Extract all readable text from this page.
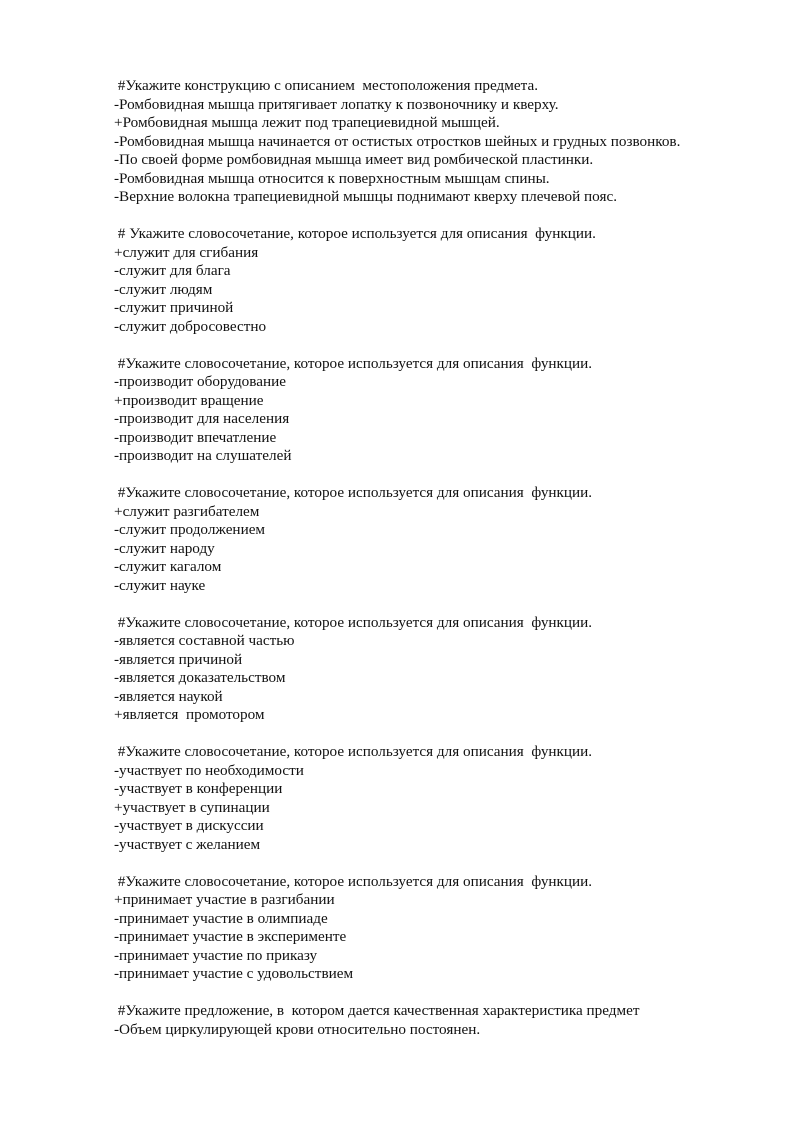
#Укажите конструкцию с описанием  местоположения предмета.
-Ромбовидная мышца притягивает лопатку к позвоночнику и кверху.
+Ромбовидная мышца лежит под трапециевидной мышцей.
-Ромбовидная мышца начинается от остистых отростков шейных и грудных позвонков.
-По своей форме ромбовидная мышца имеет вид ромбической пластинки.
-Ромбовидная мышца относится к поверхностным мышцам спины.
-Верхние волокна трапециевидной мышцы поднимают кверху плечевой пояс.
# Укажите словосочетание, которое используется для описания  функции.
+служит для сгибания
-служит для блага
-служит людям
-служит причиной
-служит добросовестно
#Укажите словосочетание, которое используется для описания  функции.
-производит оборудование
+производит вращение
-производит для населения
-производит впечатление
-производит на слушателей
#Укажите словосочетание, которое используется для описания  функции.
+служит разгибателем
-служит продолжением
-служит народу
-служит кагалом
-служит науке
#Укажите словосочетание, которое используется для описания  функции.
-является составной частью
-является причиной
-является доказательством
-является наукой
+является  промотором
#Укажите словосочетание, которое используется для описания  функции.
-участвует по необходимости
-участвует в конференции
+участвует в супинации
-участвует в дискуссии
-участвует с желанием
#Укажите словосочетание, которое используется для описания  функции.
+принимает участие в разгибании
-принимает участие в олимпиаде
-принимает участие в эксперименте
-принимает участие по приказу
-принимает участие с удовольствием
#Укажите предложение, в  котором дается качественная характеристика предмет
-Объем циркулирующей крови относительно постоянен.
